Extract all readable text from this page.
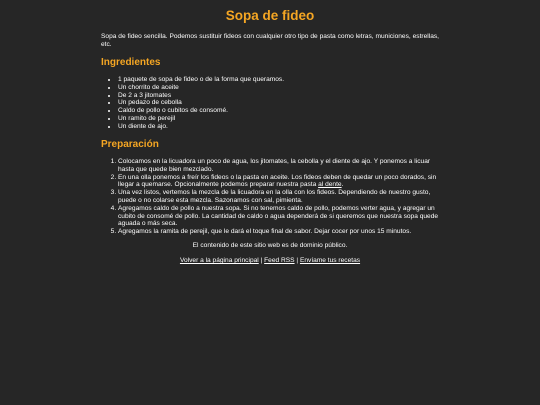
Sopa de fideo

Sopa de fideo sencilla. Podemos sustituir fideos con cualquier otro tipo de pasta como letras, municiones, estrellas, etc.

Ingredientes
• 1 paquete de sopa de fideo o de la forma que queramos.
• Un chorrito de aceite
• De 2 a 3 jitomates
• Un pedazo de cebolla
• Caldo de pollo o cubitos de consomé.
• Un ramito de perejil
• Un diente de ajo.
Preparación
1. Colocamos en la licuadora un poco de agua, los jitomates, la cebolla y el diente de ajo. Y ponemos a licuar hasta que quede bien mezclado.
2. En una olla ponemos a freír los fideos o la pasta en aceite. Los fideos deben de quedar un poco dorados, sin llegar a quemarse. Opcionalmente podemos preparar nuestra pasta al dente.
3. Una vez listos, vertemos la mezcla de la licuadora en la olla con los fideos. Dependiendo de nuestro gusto, puede o no colarse esta mezcla. Sazonamos con sal, pimienta.
4. Agregamos caldo de pollo a nuestra sopa. Si no tenemos caldo de pollo, podemos verter agua, y agregar un cubito de consomé de pollo. La cantidad de caldo o agua dependerá de si queremos que nuestra sopa quede aguada o más seca.
5. Agregamos la ramita de perejil, que le dará el toque final de sabor. Dejar cocer por unos 15 minutos.

El contenido de este sitio web es de dominio público.

Volver a la página principal | Feed RSS | Envíame tus recetas
